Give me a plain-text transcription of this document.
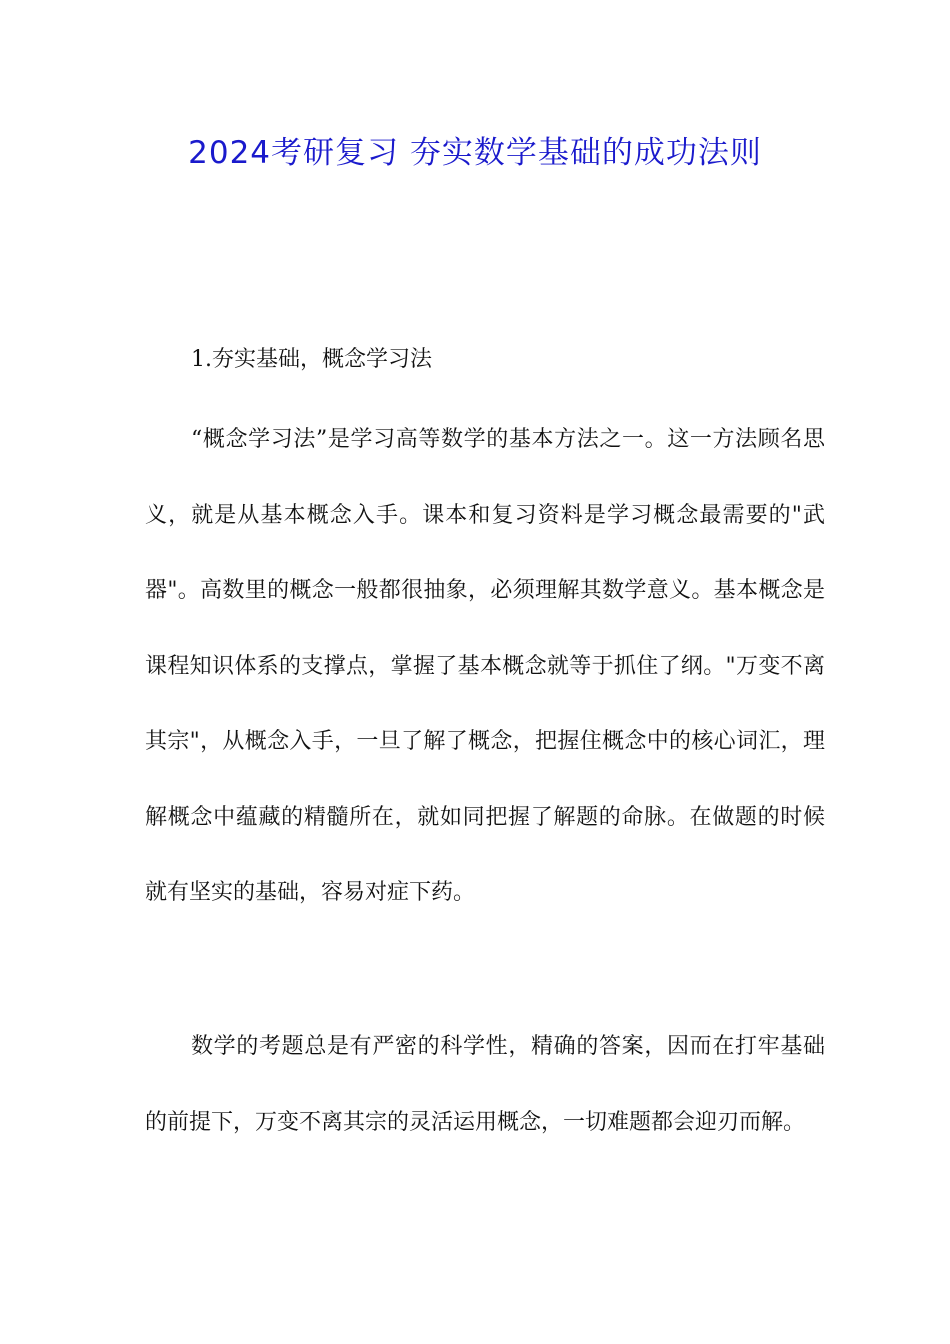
2024考研复习 夯实数学基础的成功法则
1.夯实基础，概念学习法

“概念学习法”是学习高等数学的基本方法之一。这一方法顾名思义，就是从基本概念入手。课本和复习资料是学习概念最需要的"武器"。高数里的概念一般都很抽象，必须理解其数学意义。基本概念是课程知识体系的支撑点，掌握了基本概念就等于抓住了纲。"万变不离其宗"，从概念入手，一旦了解了概念，把握住概念中的核心词汇，理解概念中蕴藏的精髓所在，就如同把握了解题的命脉。在做题的时候就有坚实的基础，容易对症下药。

数学的考题总是有严密的科学性，精确的答案，因而在打牢基础的前提下，万变不离其宗的灵活运用概念，一切难题都会迎刃而解。
